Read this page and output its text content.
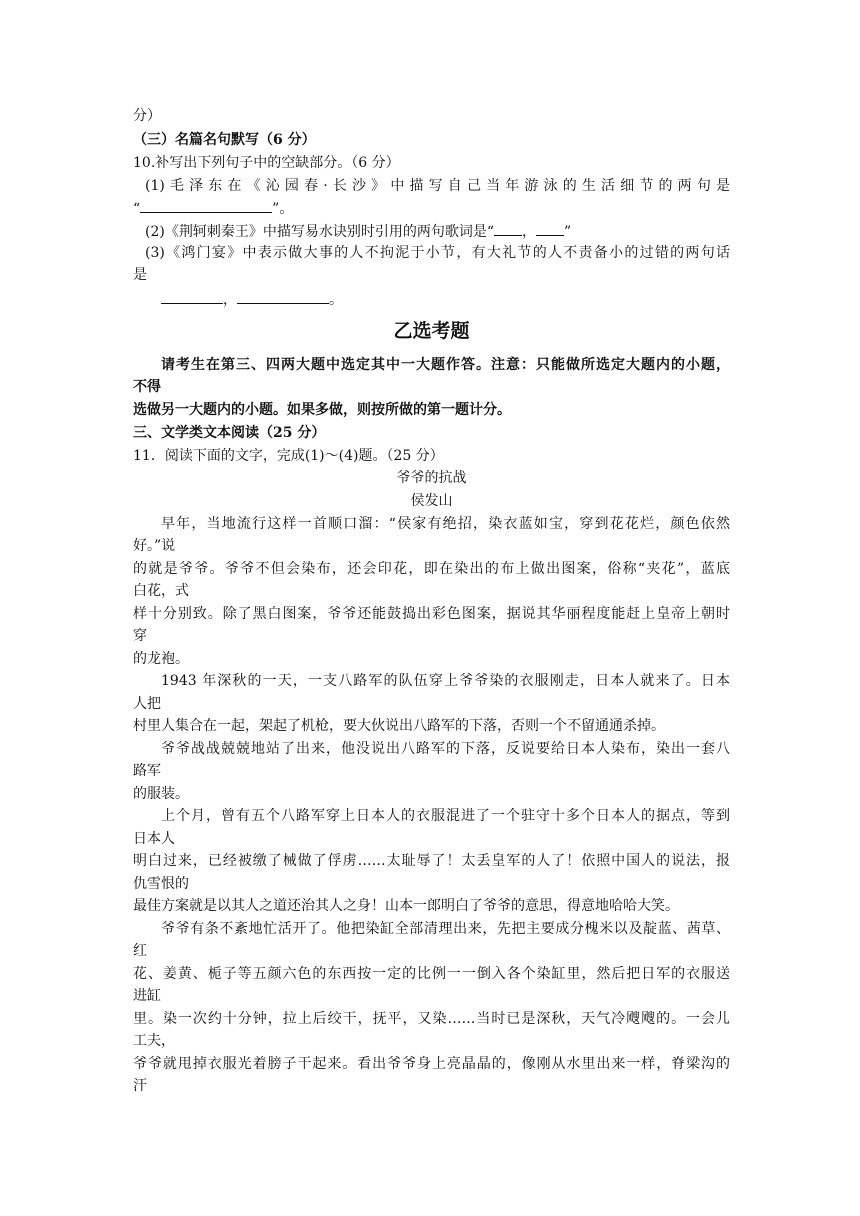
分）
（三）名篇名句默写（6 分）
10.补写出下列句子中的空缺部分。（6 分）
(1)毛泽东在《沁园春·长沙》中描写自己当年游泳的生活细节的两句是
“	”。
(2)《荆轲刺秦王》中描写易水诀别时引用的两句歌词是“ ， ”
(3)《鸿门宴》中表示做大事的人不拘泥于小节，有大礼节的人不责备小的过错的两句话
是
，	。
乙选考题
请考生在第三、四两大题中选定其中一大题作答。注意：只能做所选定大题内的小题，
不得
选做另一大题内的小题。如果多做，则按所做的第一题计分。
三、文学类文本阅读（25 分）
11．阅读下面的文字，完成(1)～(4)题。（25 分）
爷爷的抗战
侯发山
早年，当地流行这样一首顺口溜：“侯家有绝招，染衣蓝如宝，穿到花花烂，颜色依然
好。”说
的就是爷爷。爷爷不但会染布，还会印花，即在染出的布上做出图案，俗称“夹花”，蓝底
白花，式
样十分别致。除了黑白图案，爷爷还能鼓捣出彩色图案，据说其华丽程度能赶上皇帝上朝时
穿
的龙袍。
1943 年深秋的一天，一支八路军的队伍穿上爷爷染的衣服刚走，日本人就来了。日本
人把
村里人集合在一起，架起了机枪，要大伙说出八路军的下落，否则一个不留通通杀掉。
爷爷战战兢兢地站了出来，他没说出八路军的下落，反说要给日本人染布，染出一套八
路军
的服装。
上个月，曾有五个八路军穿上日本人的衣服混进了一个驻守十多个日本人的据点，等到
日本人
明白过来，已经被缴了械做了俘虏……太耻辱了！太丢皇军的人了！依照中国人的说法，报
仇雪恨的
最佳方案就是以其人之道还治其人之身！山本一郎明白了爷爷的意思，得意地哈哈大笑。
爷爷有条不紊地忙活开了。他把染缸全部清理出来，先把主要成分槐米以及靛蓝、茜草、
红
花、姜黄、栀子等五颜六色的东西按一定的比例一一倒入各个染缸里，然后把日军的衣服送
进缸
里。染一次约十分钟，拉上后绞干，抚平，又染……当时已是深秋，天气冷飕飕的。一会儿
工夫，
爷爷就甩掉衣服光着膀子干起来。看出爷爷身上亮晶晶的，像刚从水里出来一样，脊梁沟的
汗
